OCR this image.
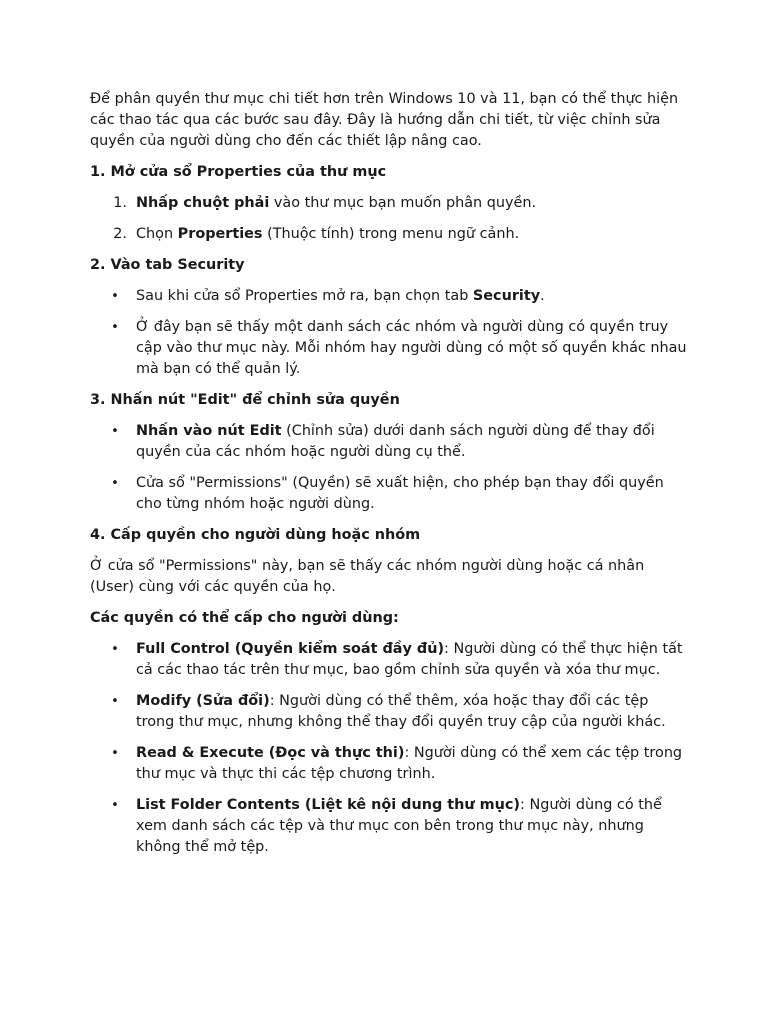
Để phân quyền thư mục chi tiết hơn trên Windows 10 và 11, bạn có thể thực hiện các thao tác qua các bước sau đây. Đây là hướng dẫn chi tiết, từ việc chỉnh sửa quyền của người dùng cho đến các thiết lập nâng cao.

1. Mở cửa sổ Properties của thư mục

1. Nhấp chuột phải vào thư mục bạn muốn phân quyền.
2. Chọn Properties (Thuộc tính) trong menu ngữ cảnh.

2. Vào tab Security

• Sau khi cửa sổ Properties mở ra, bạn chọn tab Security.
• Ở đây bạn sẽ thấy một danh sách các nhóm và người dùng có quyền truy cập vào thư mục này. Mỗi nhóm hay người dùng có một số quyền khác nhau mà bạn có thể quản lý.

3. Nhấn nút "Edit" để chỉnh sửa quyền

• Nhấn vào nút Edit (Chỉnh sửa) dưới danh sách người dùng để thay đổi quyền của các nhóm hoặc người dùng cụ thể.
• Cửa sổ "Permissions" (Quyền) sẽ xuất hiện, cho phép bạn thay đổi quyền cho từng nhóm hoặc người dùng.

4. Cấp quyền cho người dùng hoặc nhóm

Ở cửa sổ "Permissions" này, bạn sẽ thấy các nhóm người dùng hoặc cá nhân (User) cùng với các quyền của họ.

Các quyền có thể cấp cho người dùng:

• Full Control (Quyền kiểm soát đầy đủ): Người dùng có thể thực hiện tất cả các thao tác trên thư mục, bao gồm chỉnh sửa quyền và xóa thư mục.
• Modify (Sửa đổi): Người dùng có thể thêm, xóa hoặc thay đổi các tệp trong thư mục, nhưng không thể thay đổi quyền truy cập của người khác.
• Read & Execute (Đọc và thực thi): Người dùng có thể xem các tệp trong thư mục và thực thi các tệp chương trình.
• List Folder Contents (Liệt kê nội dung thư mục): Người dùng có thể xem danh sách các tệp và thư mục con bên trong thư mục này, nhưng không thể mở tệp.
